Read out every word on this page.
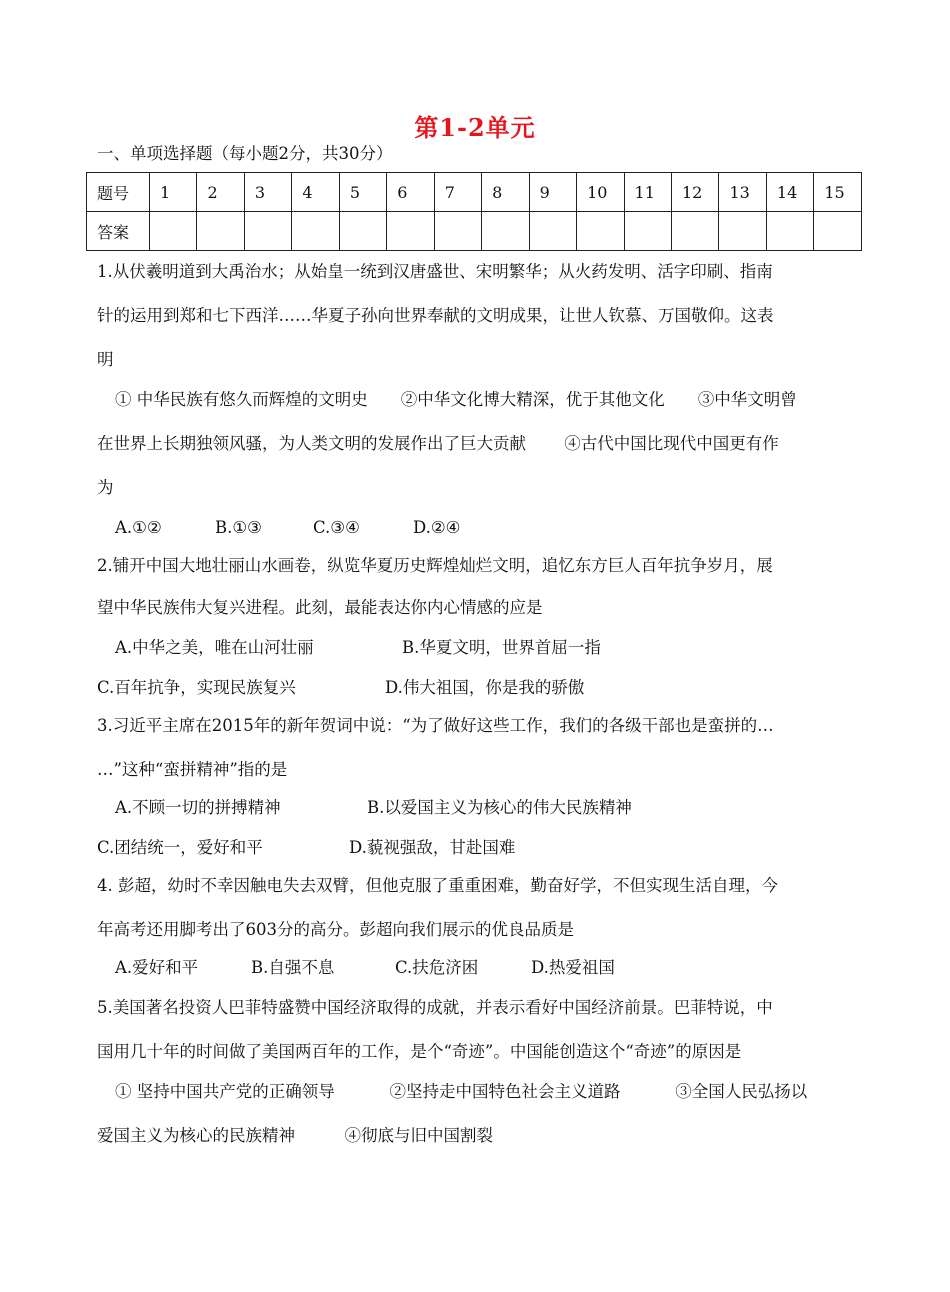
第1-2单元
一、单项选择题（每小题2分，共30分）
题号	1	2	3	4	5	6	7	8	9	10	11	12	13	14	15
答案															
1.从伏羲明道到大禹治水；从始皇一统到汉唐盛世、宋明繁华；从火药发明、活字印刷、指南
针的运用到郑和七下西洋……华夏子孙向世界奉献的文明成果，让世人钦慕、万国敬仰。这表
明
① 中华民族有悠久而辉煌的文明史　　②中华文化博大精深，优于其他文化　　③中华文明曾
在世界上长期独领风骚，为人类文明的发展作出了巨大贡献　　 ④古代中国比现代中国更有作
为
A.①②	B.①③	C.③④	D.②④
2.铺开中国大地壮丽山水画卷，纵览华夏历史辉煌灿烂文明，追忆东方巨人百年抗争岁月，展
望中华民族伟大复兴进程。此刻，最能表达你内心情感的应是
A.中华之美，唯在山河壮丽	B.华夏文明，世界首屈一指
C.百年抗争，实现民族复兴	D.伟大祖国，你是我的骄傲
3.习近平主席在2015年的新年贺词中说：“为了做好这些工作，我们的各级干部也是蛮拼的…
…”这种“蛮拼精神”指的是
A.不顾一切的拼搏精神	B.以爱国主义为核心的伟大民族精神
C.团结统一，爱好和平	D.藐视强敌，甘赴国难
4. 彭超，幼时不幸因触电失去双臂，但他克服了重重困难，勤奋好学，不但实现生活自理，今
年高考还用脚考出了603分的高分。彭超向我们展示的优良品质是
A.爱好和平	B.自强不息	C.扶危济困	D.热爱祖国
5.美国著名投资人巴菲特盛赞中国经济取得的成就，并表示看好中国经济前景。巴菲特说，中
国用几十年的时间做了美国两百年的工作，是个“奇迹”。中国能创造这个“奇迹”的原因是
① 坚持中国共产党的正确领导　　　 ②坚持走中国特色社会主义道路　　　 ③全国人民弘扬以
爱国主义为核心的民族精神　　　④彻底与旧中国割裂
